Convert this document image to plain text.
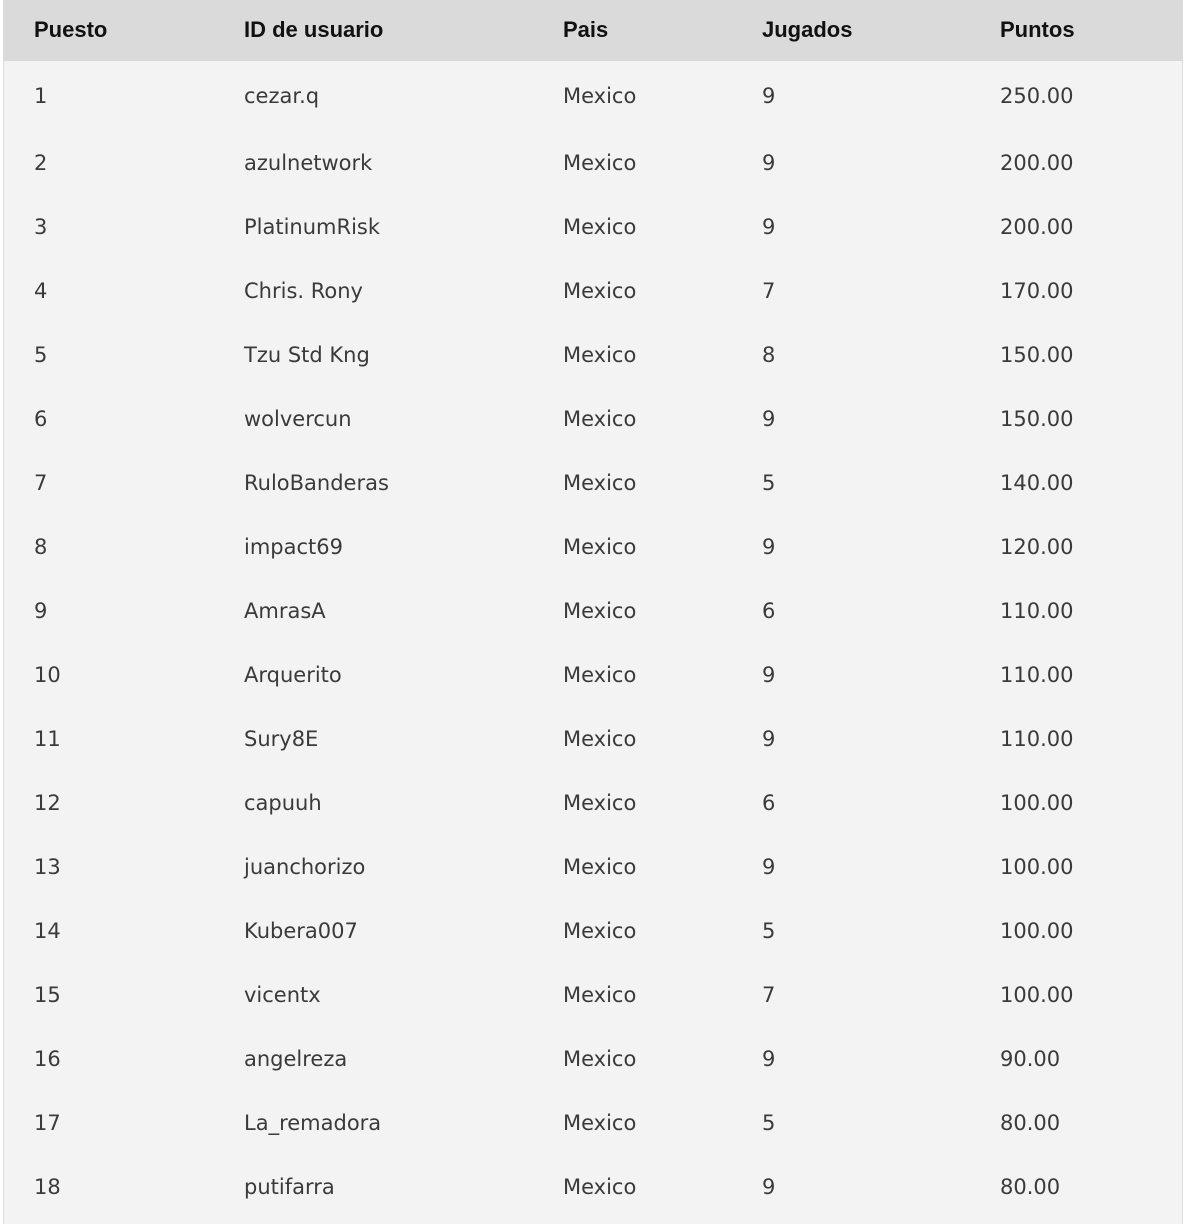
Puesto	ID de usuario	Pais	Jugados	Puntos
1	cezar.q	Mexico	9	250.00
2	azulnetwork	Mexico	9	200.00
3	PlatinumRisk	Mexico	9	200.00
4	Chris. Rony	Mexico	7	170.00
5	Tzu Std Kng	Mexico	8	150.00
6	wolvercun	Mexico	9	150.00
7	RuloBanderas	Mexico	5	140.00
8	impact69	Mexico	9	120.00
9	AmrasA	Mexico	6	110.00
10	Arquerito	Mexico	9	110.00
11	Sury8E	Mexico	9	110.00
12	capuuh	Mexico	6	100.00
13	juanchorizo	Mexico	9	100.00
14	Kubera007	Mexico	5	100.00
15	vicentx	Mexico	7	100.00
16	angelreza	Mexico	9	90.00
17	La_remadora	Mexico	5	80.00
18	putifarra	Mexico	9	80.00
